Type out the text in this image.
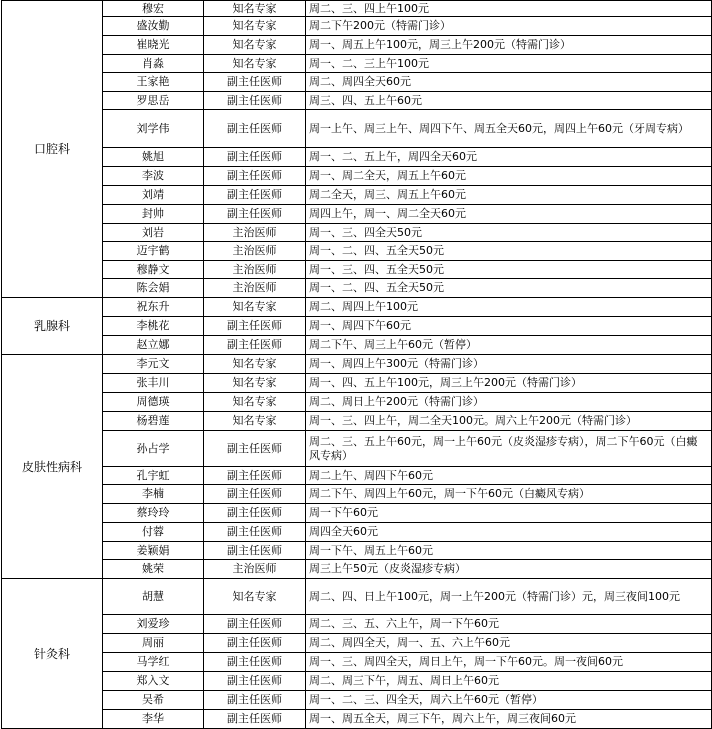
口腔科	穆宏	知名专家	周二、三、四上午100元
	盛汝勤	知名专家	周二下午200元（特需门诊）
	崔晓光	知名专家	周一、周五上午100元，周三上午200元（特需门诊）
	肖淼	知名专家	周一、二、三上午100元
	王家艳	副主任医师	周二、周四全天60元
	罗思岳	副主任医师	周三、四、五上午60元
	刘学伟	副主任医师	周一上午、周三上午、周四下午、周五全天60元，周四上午60元（牙周专病）
	姚旭	副主任医师	周一、二、五上午，周四全天60元
	李波	副主任医师	周一、周二全天，周五上午60元
	刘靖	副主任医师	周二全天，周三、周五上午60元
	封帅	副主任医师	周四上午，周一、周二全天60元
	刘岩	主治医师	周一、三、四全天50元
	迈宇鹤	主治医师	周一、二、四、五全天50元
	穆静文	主治医师	周一、三、四、五全天50元
	陈会娟	主治医师	周一、二、四、五全天50元
乳腺科	祝东升	知名专家	周二、周四上午100元
	李桃花	副主任医师	周一、周四下午60元
	赵立娜	副主任医师	周二下午、周三上午60元（暂停）
皮肤性病科	李元文	知名专家	周一、周四上午300元（特需门诊）
	张丰川	知名专家	周一、四、五上午100元，周三上午200元（特需门诊）
	周德瑛	知名专家	周二、周日上午200元（特需门诊）
	杨碧莲	知名专家	周一、三、四上午，周二全天100元。周六上午200元（特需门诊）
	孙占学	副主任医师	周二、三、五上午60元，周一上午60元（皮炎湿疹专病），周二下午60元（白癜风专病）
	孔宇虹	副主任医师	周二上午、周四下午60元
	李楠	副主任医师	周二下午、周四上午60元，周一下午60元（白癜风专病）
	蔡玲玲	副主任医师	周一下午60元
	付蓉	副主任医师	周四全天60元
	姜颖娟	副主任医师	周一下午、周五上午60元
	姚荣	主治医师	周三上午50元（皮炎湿疹专病）
针灸科	胡慧	知名专家	周二、四、日上午100元，周一上午200元（特需门诊）元，周三夜间100元
	刘爱珍	副主任医师	周二、三、五、六上午，周一下午60元
	周丽	副主任医师	周二、周四全天，周一、五、六上午60元
	马学红	副主任医师	周一、三、周四全天，周日上午，周一下午60元。周一夜间60元
	郑入文	副主任医师	周二、周三下午，周五、周日上午60元
	吴希	副主任医师	周一、二、三、四全天，周六上午60元（暂停）
	李华	副主任医师	周一、周五全天，周三下午，周六上午，周三夜间60元
